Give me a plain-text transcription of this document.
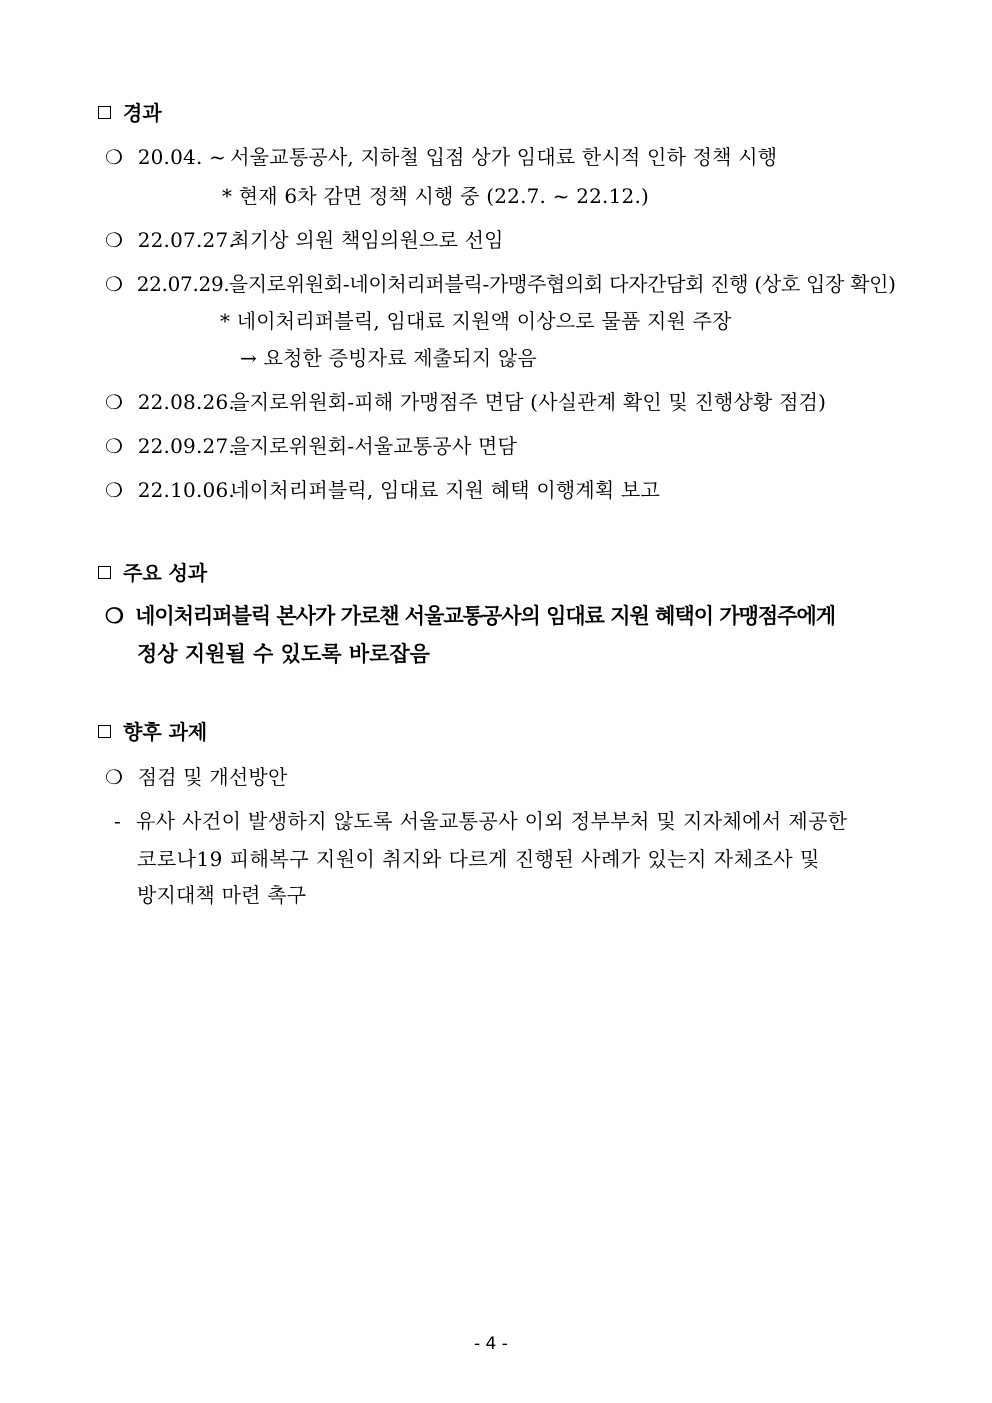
경과
❍ 20.04. ~ 서울교통공사, 지하철 입점 상가 임대료 한시적 인하 정책 시행
* 현재 6차 감면 정책 시행 중 (22.7. ~ 22.12.)
❍ 22.07.27. 최기상 의원 책임의원으로 선임
❍ 22.07.29. 을지로위원회-네이처리퍼블릭-가맹주협의회 다자간담회 진행 (상호 입장 확인)
* 네이처리퍼블릭, 임대료 지원액 이상으로 물품 지원 주장
→ 요청한 증빙자료 제출되지 않음
❍ 22.08.26. 을지로위원회-피해 가맹점주 면담 (사실관계 확인 및 진행상황 점검)
❍ 22.09.27. 을지로위원회-서울교통공사 면담
❍ 22.10.06. 네이처리퍼블릭, 임대료 지원 혜택 이행계획 보고
주요 성과
❍ 네이처리퍼블릭 본사가 가로챈 서울교통공사의 임대료 지원 혜택이 가맹점주에게
정상 지원될 수 있도록 바로잡음
향후 과제
❍ 점검 및 개선방안
- 유사 사건이 발생하지 않도록 서울교통공사 이외 정부부처 및 지자체에서 제공한
코로나19 피해복구 지원이 취지와 다르게 진행된 사례가 있는지 자체조사 및
방지대책 마련 촉구
- 4 -
